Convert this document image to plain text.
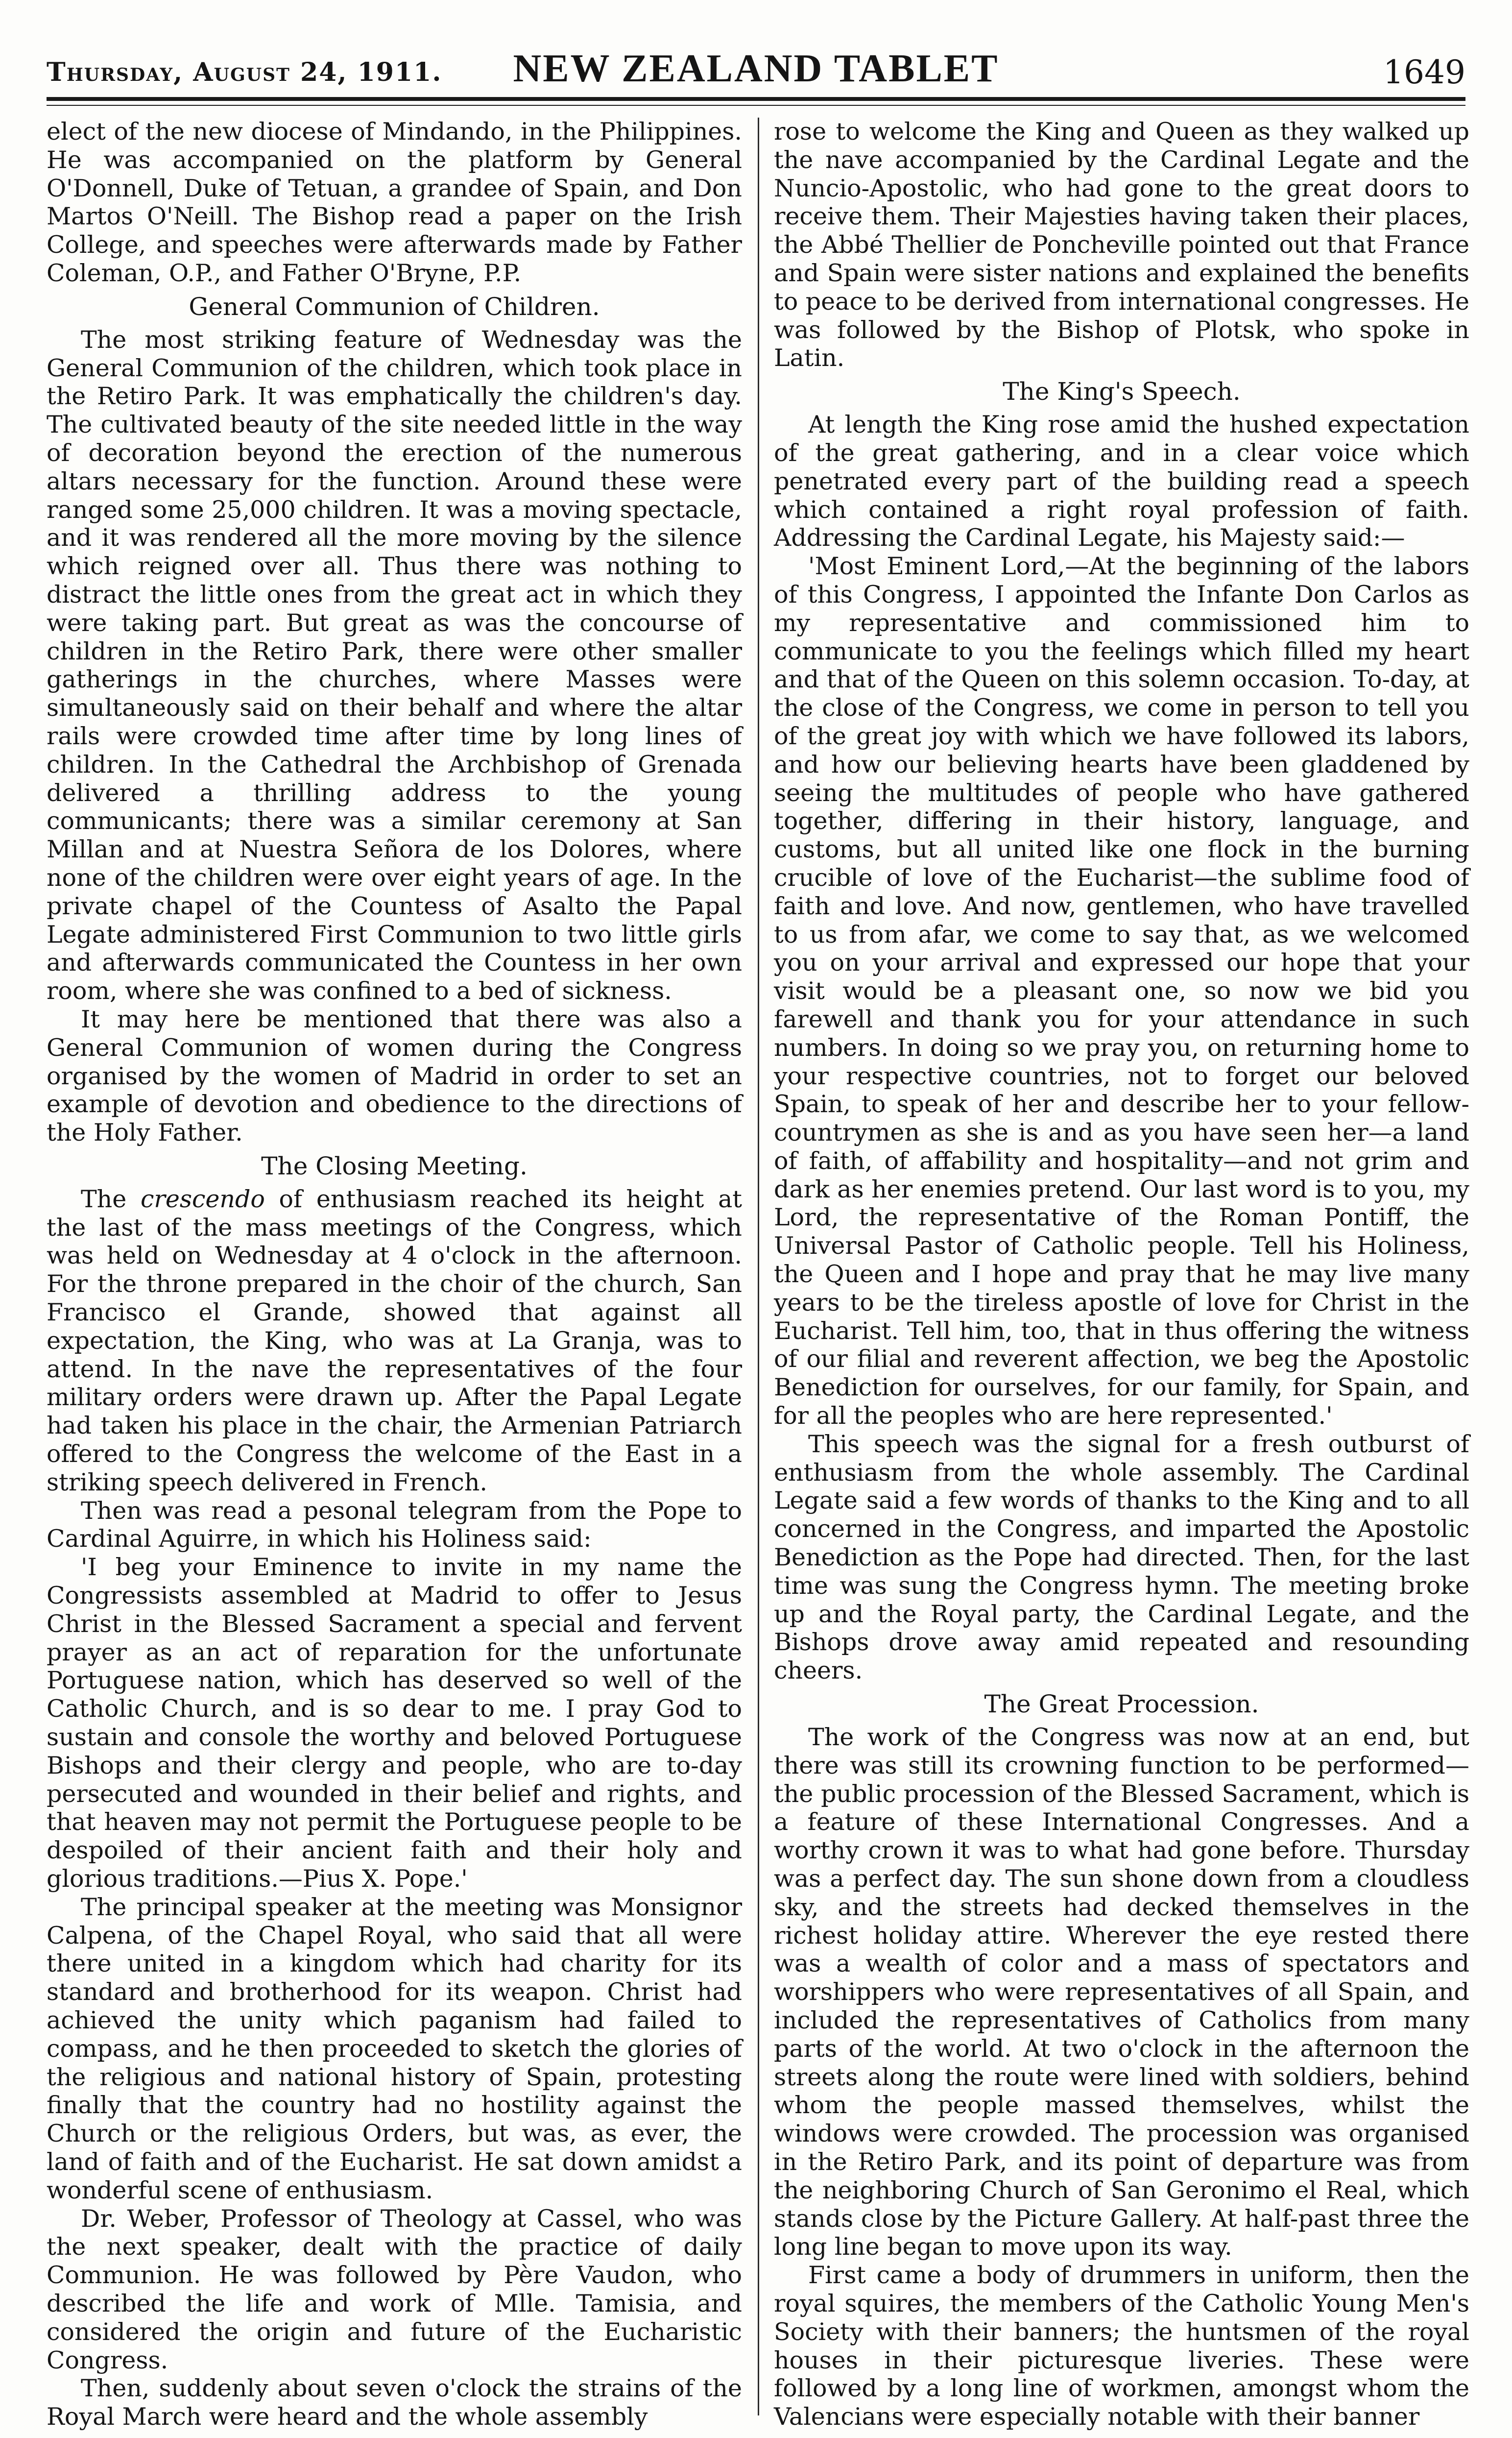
Thursday, August 24, 1911.	NEW ZEALAND TABLET	1649

elect of the new diocese of Mindando, in the Philippines. He was accompanied on the platform by General O'Donnell, Duke of Tetuan, a grandee of Spain, and Don Martos O'Neill. The Bishop read a paper on the Irish College, and speeches were afterwards made by Father Coleman, O.P., and Father O'Bryne, P.P.

General Communion of Children.

The most striking feature of Wednesday was the General Communion of the children, which took place in the Retiro Park. It was emphatically the children's day. The cultivated beauty of the site needed little in the way of decoration beyond the erection of the numerous altars necessary for the function. Around these were ranged some 25,000 children. It was a moving spectacle, and it was rendered all the more moving by the silence which reigned over all. Thus there was nothing to distract the little ones from the great act in which they were taking part. But great as was the concourse of children in the Retiro Park, there were other smaller gatherings in the churches, where Masses were simultaneously said on their behalf and where the altar rails were crowded time after time by long lines of children. In the Cathedral the Archbishop of Grenada delivered a thrilling address to the young communicants; there was a similar ceremony at San Millan and at Nuestra Señora de los Dolores, where none of the children were over eight years of age. In the private chapel of the Countess of Asalto the Papal Legate administered First Communion to two little girls and afterwards communicated the Countess in her own room, where she was confined to a bed of sickness.

It may here be mentioned that there was also a General Communion of women during the Congress organised by the women of Madrid in order to set an example of devotion and obedience to the directions of the Holy Father.

The Closing Meeting.

The crescendo of enthusiasm reached its height at the last of the mass meetings of the Congress, which was held on Wednesday at 4 o'clock in the afternoon. For the throne prepared in the choir of the church, San Francisco el Grande, showed that against all expectation, the King, who was at La Granja, was to attend. In the nave the representatives of the four military orders were drawn up. After the Papal Legate had taken his place in the chair, the Armenian Patriarch offered to the Congress the welcome of the East in a striking speech delivered in French.

Then was read a pesonal telegram from the Pope to Cardinal Aguirre, in which his Holiness said:

'I beg your Eminence to invite in my name the Congressists assembled at Madrid to offer to Jesus Christ in the Blessed Sacrament a special and fervent prayer as an act of reparation for the unfortunate Portuguese nation, which has deserved so well of the Catholic Church, and is so dear to me. I pray God to sustain and console the worthy and beloved Portuguese Bishops and their clergy and people, who are to-day persecuted and wounded in their belief and rights, and that heaven may not permit the Portuguese people to be despoiled of their ancient faith and their holy and glorious traditions.—Pius X. Pope.'

The principal speaker at the meeting was Monsignor Calpena, of the Chapel Royal, who said that all were there united in a kingdom which had charity for its standard and brotherhood for its weapon. Christ had achieved the unity which paganism had failed to compass, and he then proceeded to sketch the glories of the religious and national history of Spain, protesting finally that the country had no hostility against the Church or the religious Orders, but was, as ever, the land of faith and of the Eucharist. He sat down amidst a wonderful scene of enthusiasm.

Dr. Weber, Professor of Theology at Cassel, who was the next speaker, dealt with the practice of daily Communion. He was followed by Père Vaudon, who described the life and work of Mlle. Tamisia, and considered the origin and future of the Eucharistic Congress.

Then, suddenly about seven o'clock the strains of the Royal March were heard and the whole assembly

rose to welcome the King and Queen as they walked up the nave accompanied by the Cardinal Legate and the Nuncio-Apostolic, who had gone to the great doors to receive them. Their Majesties having taken their places, the Abbé Thellier de Poncheville pointed out that France and Spain were sister nations and explained the benefits to peace to be derived from international congresses. He was followed by the Bishop of Plotsk, who spoke in Latin.

The King's Speech.

At length the King rose amid the hushed expectation of the great gathering, and in a clear voice which penetrated every part of the building read a speech which contained a right royal profession of faith. Addressing the Cardinal Legate, his Majesty said:—

'Most Eminent Lord,—At the beginning of the labors of this Congress, I appointed the Infante Don Carlos as my representative and commissioned him to communicate to you the feelings which filled my heart and that of the Queen on this solemn occasion. To-day, at the close of the Congress, we come in person to tell you of the great joy with which we have followed its labors, and how our believing hearts have been gladdened by seeing the multitudes of people who have gathered together, differing in their history, language, and customs, but all united like one flock in the burning crucible of love of the Eucharist—the sublime food of faith and love. And now, gentlemen, who have travelled to us from afar, we come to say that, as we welcomed you on your arrival and expressed our hope that your visit would be a pleasant one, so now we bid you farewell and thank you for your attendance in such numbers. In doing so we pray you, on returning home to your respective countries, not to forget our beloved Spain, to speak of her and describe her to your fellow-countrymen as she is and as you have seen her—a land of faith, of affability and hospitality—and not grim and dark as her enemies pretend. Our last word is to you, my Lord, the representative of the Roman Pontiff, the Universal Pastor of Catholic people. Tell his Holiness, the Queen and I hope and pray that he may live many years to be the tireless apostle of love for Christ in the Eucharist. Tell him, too, that in thus offering the witness of our filial and reverent affection, we beg the Apostolic Benediction for ourselves, for our family, for Spain, and for all the peoples who are here represented.'

This speech was the signal for a fresh outburst of enthusiasm from the whole assembly. The Cardinal Legate said a few words of thanks to the King and to all concerned in the Congress, and imparted the Apostolic Benediction as the Pope had directed. Then, for the last time was sung the Congress hymn. The meeting broke up and the Royal party, the Cardinal Legate, and the Bishops drove away amid repeated and resounding cheers.

The Great Procession.

The work of the Congress was now at an end, but there was still its crowning function to be performed—the public procession of the Blessed Sacrament, which is a feature of these International Congresses. And a worthy crown it was to what had gone before. Thursday was a perfect day. The sun shone down from a cloudless sky, and the streets had decked themselves in the richest holiday attire. Wherever the eye rested there was a wealth of color and a mass of spectators and worshippers who were representatives of all Spain, and included the representatives of Catholics from many parts of the world. At two o'clock in the afternoon the streets along the route were lined with soldiers, behind whom the people massed themselves, whilst the windows were crowded. The procession was organised in the Retiro Park, and its point of departure was from the neighboring Church of San Geronimo el Real, which stands close by the Picture Gallery. At half-past three the long line began to move upon its way.

First came a body of drummers in uniform, then the royal squires, the members of the Catholic Young Men's Society with their banners; the huntsmen of the royal houses in their picturesque liveries. These were followed by a long line of workmen, amongst whom the Valencians were especially notable with their banner
